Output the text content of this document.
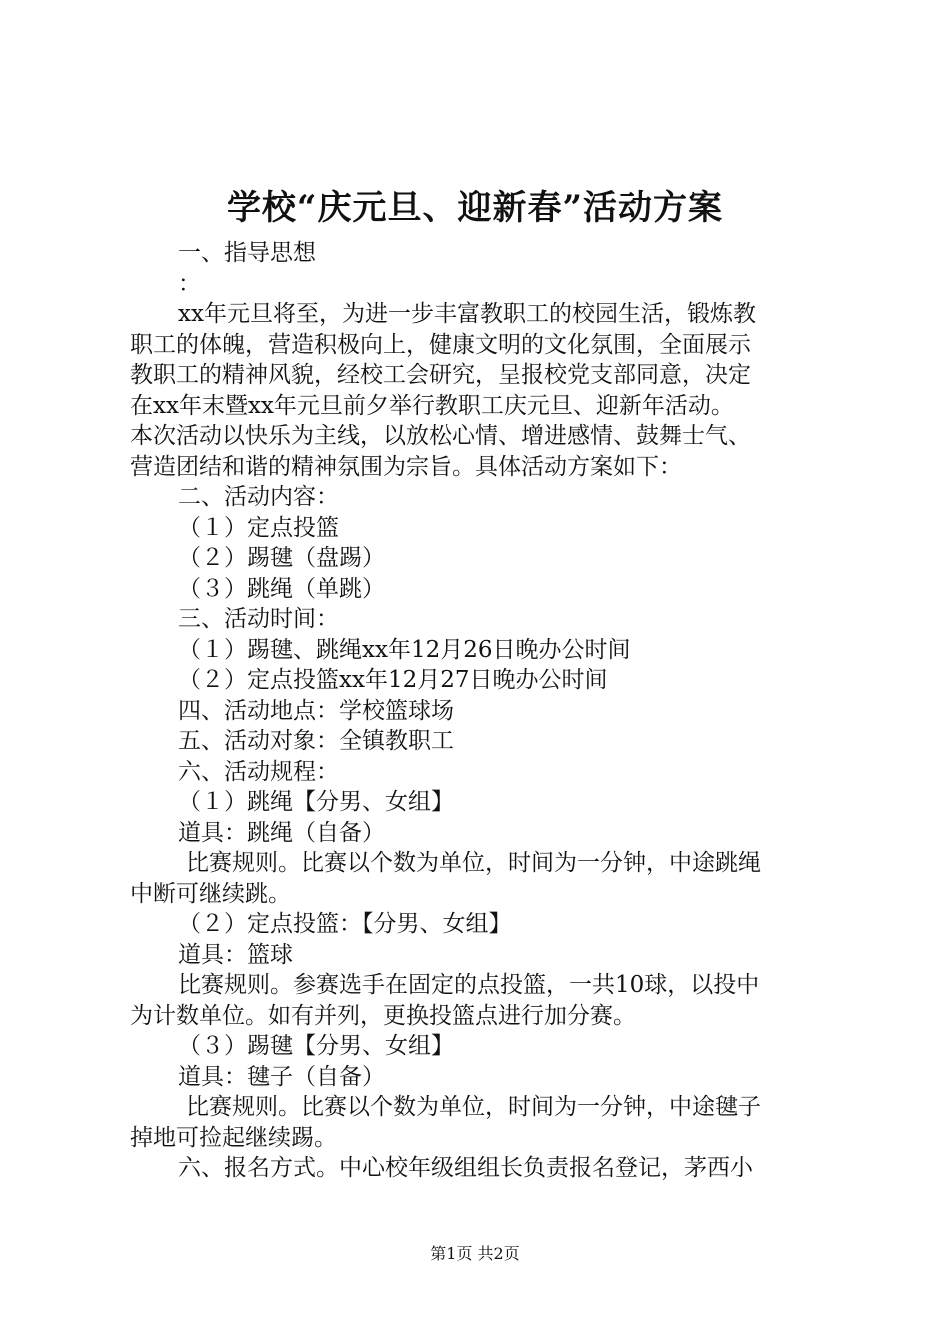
学校“庆元旦、迎新春”活动方案
一、指导思想
：
xx年元旦将至，为进一步丰富教职工的校园生活，锻炼教
职工的体魄，营造积极向上，健康文明的文化氛围，全面展示
教职工的精神风貌，经校工会研究，呈报校党支部同意，决定
在xx年末暨xx年元旦前夕举行教职工庆元旦、迎新年活动。
本次活动以快乐为主线，以放松心情、增进感情、鼓舞士气、
营造团结和谐的精神氛围为宗旨。具体活动方案如下：
二、活动内容：
（１）定点投篮
（２）踢毽（盘踢）
（３）跳绳（单跳）
三、活动时间：
（１）踢毽、跳绳xx年12月26日晚办公时间
（２）定点投篮xx年12月27日晚办公时间
四、活动地点：学校篮球场
五、活动对象：全镇教职工
六、活动规程：
（１）跳绳【分男、女组】
道具：跳绳（自备）
比赛规则。比赛以个数为单位，时间为一分钟，中途跳绳
中断可继续跳。
（２）定点投篮：【分男、女组】
道具：篮球
比赛规则。参赛选手在固定的点投篮，一共10球，以投中
为计数单位。如有并列，更换投篮点进行加分赛。
（３）踢毽【分男、女组】
道具：毽子（自备）
比赛规则。比赛以个数为单位，时间为一分钟，中途毽子
掉地可捡起继续踢。
六、报名方式。中心校年级组组长负责报名登记，茅西小
第1页 共2页
